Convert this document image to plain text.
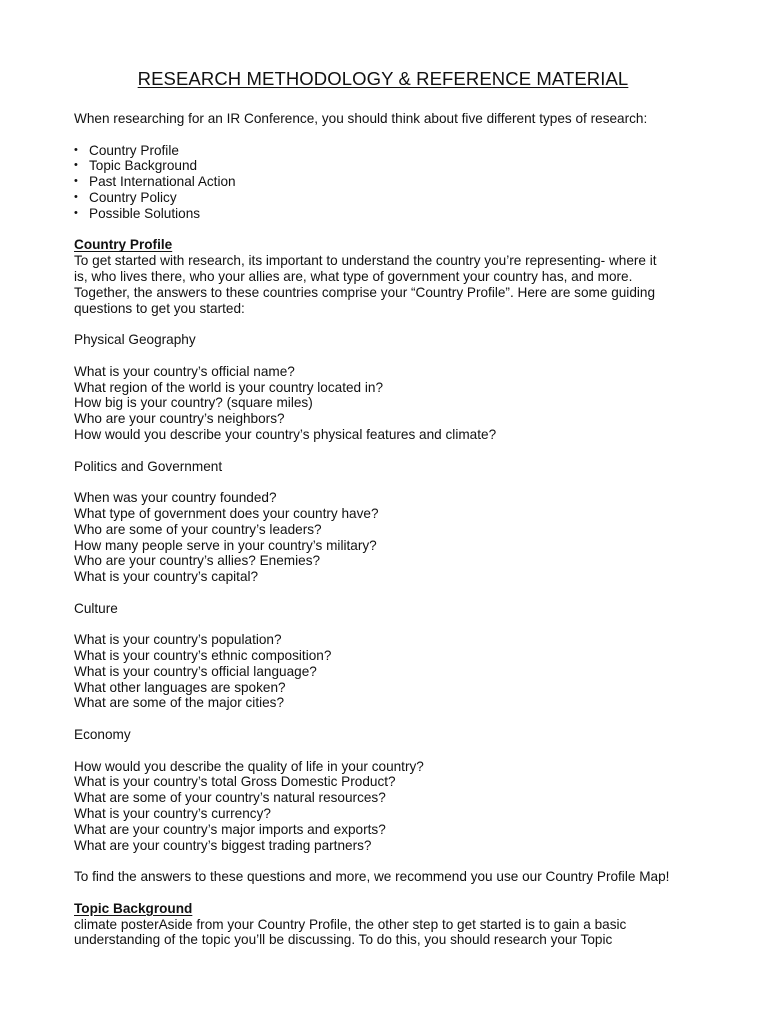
RESEARCH METHODOLOGY & REFERENCE MATERIAL
When researching for an IR Conference, you should think about five different types of research:
• Country Profile
• Topic Background
• Past International Action
• Country Policy
• Possible Solutions
Country Profile
To get started with research, its important to understand the country you’re representing- where it
is, who lives there, who your allies are, what type of government your country has, and more.
Together, the answers to these countries comprise your “Country Profile”. Here are some guiding
questions to get you started:
Physical Geography
What is your country’s official name?
What region of the world is your country located in?
How big is your country? (square miles)
Who are your country’s neighbors?
How would you describe your country’s physical features and climate?
Politics and Government
When was your country founded?
What type of government does your country have?
Who are some of your country’s leaders?
How many people serve in your country’s military?
Who are your country’s allies? Enemies?
What is your country’s capital?
Culture
What is your country’s population?
What is your country’s ethnic composition?
What is your country’s official language?
What other languages are spoken?
What are some of the major cities?
Economy
How would you describe the quality of life in your country?
What is your country’s total Gross Domestic Product?
What are some of your country’s natural resources?
What is your country’s currency?
What are your country’s major imports and exports?
What are your country’s biggest trading partners?
To find the answers to these questions and more, we recommend you use our Country Profile Map!
Topic Background
climate posterAside from your Country Profile, the other step to get started is to gain a basic
understanding of the topic you’ll be discussing. To do this, you should research your Topic
